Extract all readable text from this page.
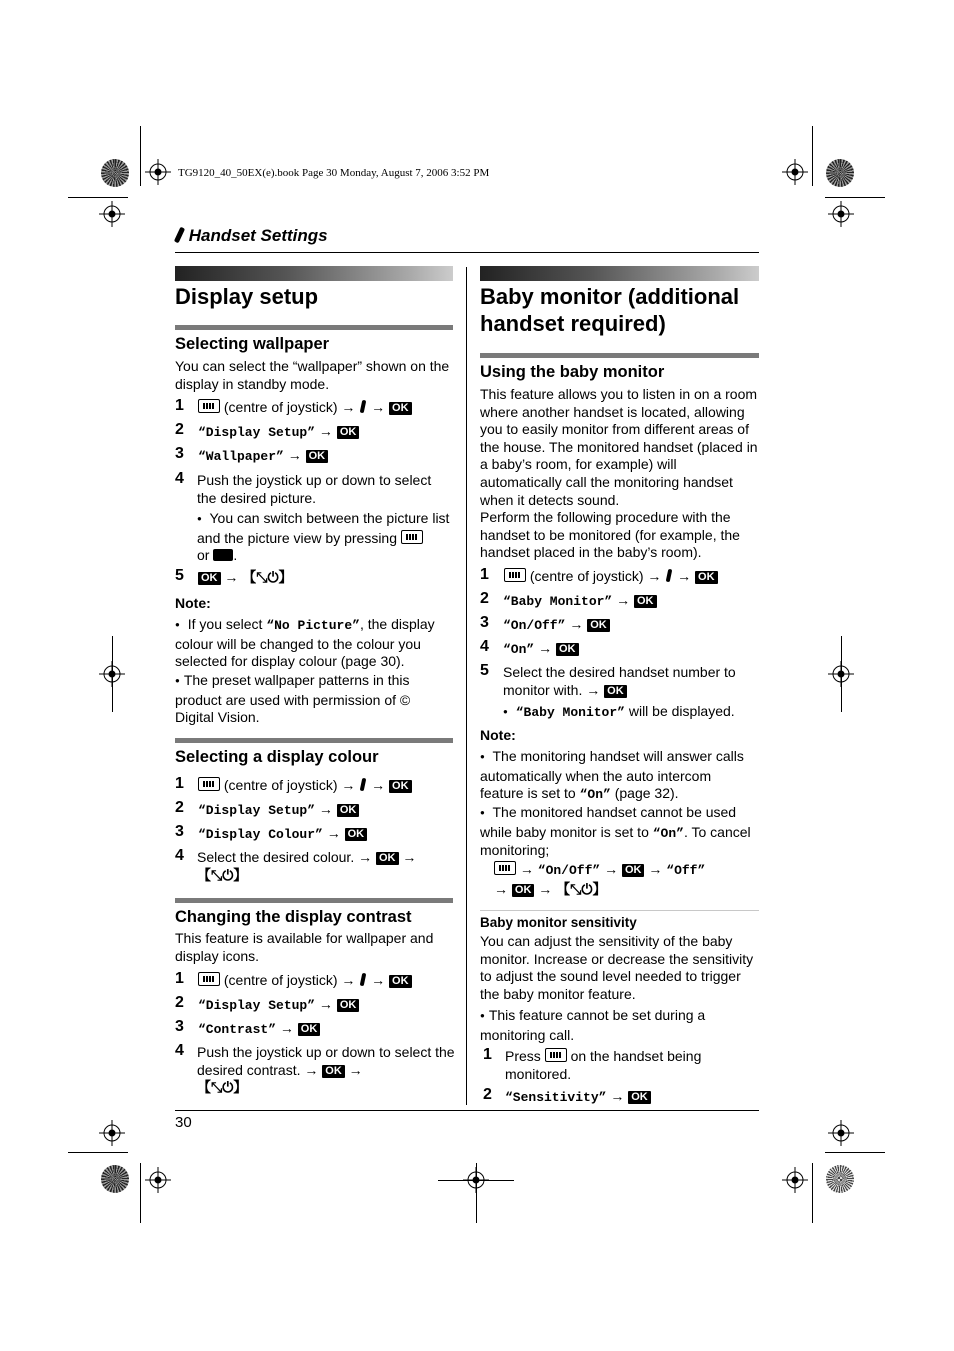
TG9120_40_50EX(e).book Page 30 Monday, August 7, 2006 3:52 PM
Handset Settings
Display setup
Selecting wallpaper
You can select the “wallpaper” shown on the display in standby mode.
1	(centre of joystick) → → OK
2 “Display Setup” → OK
3 “Wallpaper” → OK
4 Push the joystick up or down to select the desired picture.
● You can switch between the picture list and the picture view by pressing
or .
5 OK → 【⤡⏻】
Note:
● If you select “No Picture”, the display colour will be changed to the colour you selected for display colour (page 30).
● The preset wallpaper patterns in this product are used with permission of © Digital Vision.
Selecting a display colour
1	(centre of joystick) → → OK
2 “Display Setup” → OK
3 “Display Colour” → OK
4 Select the desired colour. → OK →
【⤡⏻】
Changing the display contrast
This feature is available for wallpaper and display icons.
1	(centre of joystick) → → OK
2 “Display Setup” → OK
3 “Contrast” → OK
4 Push the joystick up or down to select the desired contrast. → OK →
【⤡⏻】
Baby monitor (additional
handset required)
Using the baby monitor
This feature allows you to listen in on a room where another handset is located, allowing you to easily monitor from different areas of the house. The monitored handset (placed in a baby’s room, for example) will automatically call the monitoring handset when it detects sound.
Perform the following procedure with the handset to be monitored (for example, the handset placed in the baby’s room).
1	(centre of joystick) → → OK
2 “Baby Monitor” → OK
3 “On/Off” → OK
4 “On” → OK
5 Select the desired handset number to monitor with. → OK
● “Baby Monitor” will be displayed.
Note:
● The monitoring handset will answer calls automatically when the auto intercom feature is set to “On” (page 32).
● The monitored handset cannot be used while baby monitor is set to “On”. To cancel monitoring;
→ “On/Off” → OK → “Off”
→ OK → 【⤡⏻】
Baby monitor sensitivity
You can adjust the sensitivity of the baby monitor. Increase or decrease the sensitivity to adjust the sound level needed to trigger the baby monitor feature.
● This feature cannot be set during a monitoring call.
1 Press on the handset being monitored.
2 “Sensitivity” → OK
30
